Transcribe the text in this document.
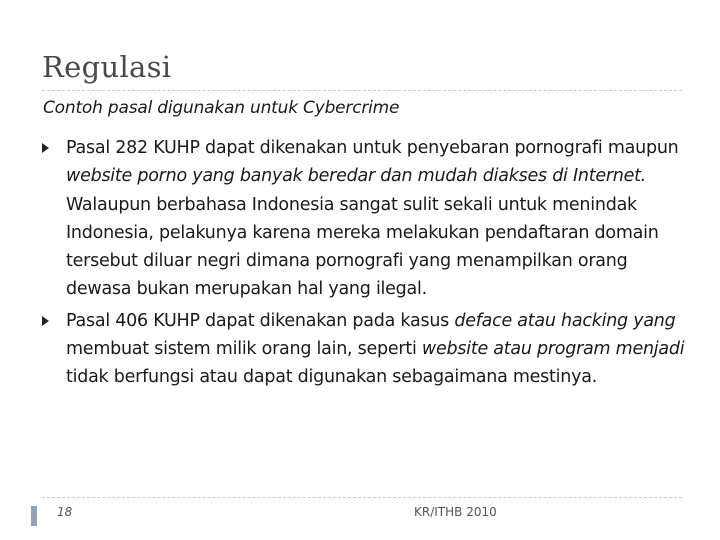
Regulasi
Contoh pasal digunakan untuk Cybercrime
Pasal 282 KUHP dapat dikenakan untuk penyebaran pornografi maupun website porno yang banyak beredar dan mudah diakses di Internet. Walaupun berbahasa Indonesia sangat sulit sekali untuk menindak Indonesia, pelakunya karena mereka melakukan pendaftaran domain tersebut diluar negri dimana pornografi yang menampilkan orang dewasa bukan merupakan hal yang ilegal.
Pasal 406 KUHP dapat dikenakan pada kasus deface atau hacking yang membuat sistem milik orang lain, seperti website atau program menjadi tidak berfungsi atau dapat digunakan sebagaimana mestinya.
18	KR/ITHB 2010
